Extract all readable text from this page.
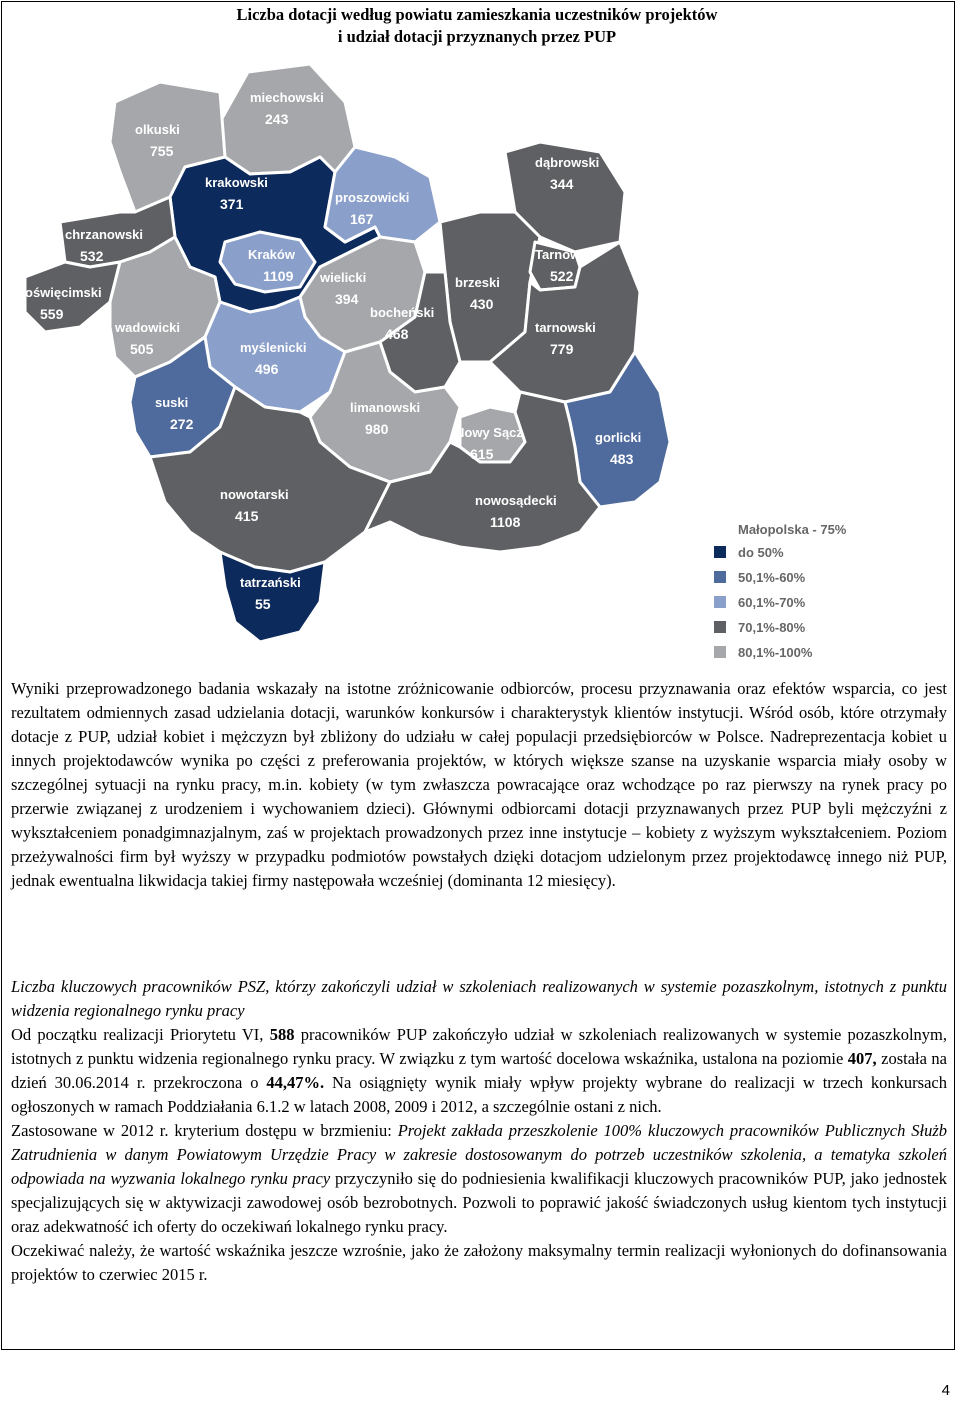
Liczba dotacji według powiatu zamieszkania uczestników projektów
i udział dotacji przyznanych przez PUP
miechowski
243
olkuski
755
krakowski
371	proszowicki
167
dąbrowski
344
chrzanowski
532
oświęcimski
559
Kraków
1109 wielicki
394
brzeski
430
Tarnów
522
wadowicki
505
bocheński
468	tarnowski
779
myślenicki
496
suski
272
limanowski
980	Nowy Sącz
615
gorlicki
483
nowotarski
415
nowosądecki
1108
tatrzański
55
Małopolska - 75%
do 50%
50,1%-60%
60,1%-70%
70,1%-80%
80,1%-100%

Wyniki przeprowadzonego badania wskazały na istotne zróżnicowanie odbiorców, procesu przyznawania oraz efektów wsparcia, co jest rezultatem odmiennych zasad udzielania dotacji, warunków konkursów i charakterystyk klientów instytucji. Wśród osób, które otrzymały dotacje z PUP, udział kobiet i mężczyzn był zbliżony do udziału w całej populacji przedsiębiorców w Polsce. Nadreprezentacja kobiet u innych projektodawców wynika po części z preferowania projektów, w których większe szanse na uzyskanie wsparcia miały osoby w szczególnej sytuacji na rynku pracy, m.in. kobiety (w tym zwłaszcza powracające oraz wchodzące po raz pierwszy na rynek pracy po przerwie związanej z urodzeniem i wychowaniem dzieci). Głównymi odbiorcami dotacji przyznawanych przez PUP byli mężczyźni z wykształceniem ponadgimnazjalnym, zaś w projektach prowadzonych przez inne instytucje – kobiety z wyższym wykształceniem. Poziom przeżywalności firm był wyższy w przypadku podmiotów powstałych dzięki dotacjom udzielonym przez projektodawcę innego niż PUP, jednak ewentualna likwidacja takiej firmy następowała wcześniej (dominanta 12 miesięcy).

Liczba kluczowych pracowników PSZ, którzy zakończyli udział w szkoleniach realizowanych w systemie pozaszkolnym, istotnych z punktu widzenia regionalnego rynku pracy

Od początku realizacji Priorytetu VI, 588 pracowników PUP zakończyło udział w szkoleniach realizowanych w systemie pozaszkolnym, istotnych z punktu widzenia regionalnego rynku pracy. W związku z tym wartość docelowa wskaźnika, ustalona na poziomie 407, została na dzień 30.06.2014 r. przekroczona o 44,47%. Na osiągnięty wynik miały wpływ projekty wybrane do realizacji w trzech konkursach ogłoszonych w ramach Poddziałania 6.1.2 w latach 2008, 2009 i 2012, a szczególnie ostani z nich.

Zastosowane w 2012 r. kryterium dostępu w brzmieniu: Projekt zakłada przeszkolenie 100% kluczowych pracowników Publicznych Służb Zatrudnienia w danym Powiatowym Urzędzie Pracy w zakresie dostosowanym do potrzeb uczestników szkolenia, a tematyka szkoleń odpowiada na wyzwania lokalnego rynku pracy przyczyniło się do podniesienia kwalifikacji kluczowych pracowników PUP, jako jednostek specjalizujących się w aktywizacji zawodowej osób bezrobotnych. Pozwoli to poprawić jakość świadczonych usług kientom tych instytucji oraz adekwatność ich oferty do oczekiwań lokalnego rynku pracy.

Oczekiwać należy, że wartość wskaźnika jeszcze wzrośnie, jako że założony maksymalny termin realizacji wyłonionych do dofinansowania projektów to czerwiec 2015 r.

4
